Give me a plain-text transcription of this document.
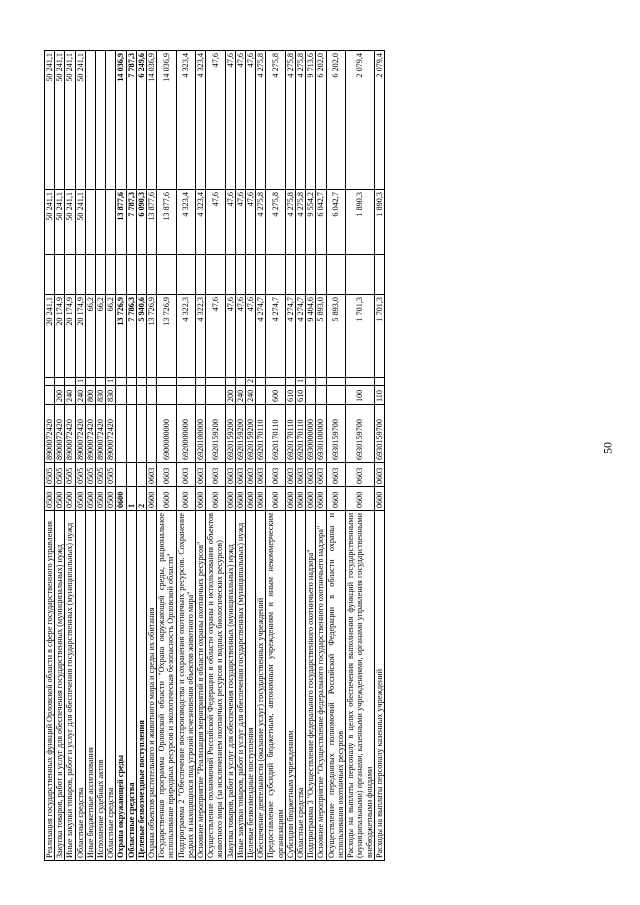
50
Реализация государственных функций Орловской области в сфере государственного управления	0500	0505	8900072420			20 241,1		50 241,1	50 241,1
Закупка товаров, работ и услуг для обеспечения государственных (муниципальных) нужд	0500	0505	8900072420	200		20 174,9		50 241,1	50 241,1
Иные закупки товаров, работ и услуг для обеспечения государственных (муниципальных) нужд	0500	0505	8900072420	240		20 174,9		50 241,1	50 241,1
Областные средства	0500	0505	8900072420	240	1	20 174,9		50 241,1	50 241,1
Иные бюджетные ассигнования	0500	0505	8900072420	800		66,2			
Исполнение судебных актов	0500	0505	8900072420	830		66,2			
Областные средства	0500	0505	8900072420	830	1	66,2			
Охрана окружающей среды	0600					13 726,9		13 877,6	14 036,9
Областные средства	1					7 786,3		7 787,3	7 787,3
Целевые безвозмездные поступления	2					5 940,6		6 090,3	6 249,6
Охрана объектов растительного и животного мира и среды их обитания	0600	0603				13 726,9		13 877,6	14 036,9
Государственная программа Орловской области "Охрана окружающей среды, рациональное использование природных ресурсов и экологическая безопасность Орловской области"	0600	0603	6900000000			13 726,9		13 877,6	14 036,9
Подпрограмма 2 "Обеспечение воспроизводства и сохранения охотничьих ресурсов. Сохранение редких и находящихся под угрозой исчезновения объектов животного мира"	0600	0603	6920000000			4 322,3		4 323,4	4 323,4
Основное мероприятие "Реализация мероприятий в области охраны охотничьих ресурсов"	0600	0603	6920100000			4 322,3		4 323,4	4 323,4
Осуществление полномочий Российской Федерации в области охраны и использования объектов животного мира (за исключением охотничьих ресурсов и водных биологических ресурсов)	0600	0603	6920159200			47,6		47,6	47,6
Закупка товаров, работ и услуг для обеспечения государственных (муниципальных) нужд	0600	0603	6920159200	200		47,6		47,6	47,6
Иные закупки товаров, работ и услуг для обеспечения государственных (муниципальных) нужд	0600	0603	6920159200	240		47,6		47,6	47,6
Целевые безвозмездные поступления	0600	0603	6920159200	240	2	47,6		47,6	47,6
Обеспечение деятельности (оказание услуг) государственных учреждений	0600	0603	6920170110			4 274,7		4 275,8	4 275,8
Предоставление субсидий бюджетным, автономным учреждениям и иным некоммерческим организациям	0600	0603	6920170110	600		4 274,7		4 275,8	4 275,8
Субсидии бюджетным учреждениям	0600	0603	6920170110	610		4 274,7		4 275,8	4 275,8
Областные средства	0600	0603	6920170110	610	1	4 274,7		4 275,8	4 275,8
Подпрограмма 3 "Осуществление федерального государственного охотничьего надзора"	0600	0603	6930000000			9 404,6		9 554,2	9 713,6
Основное мероприятие "Осуществление федерального государственного охотничьего надзора"	0600	0603	6930100000			5 893,0		6 042,7	6 202,0
Осуществление переданных полномочий Российской Федерации в области охраны и использования охотничьих ресурсов	0600	0603	6930159700			5 893,0		6 042,7	6 202,0
Расходы на выплаты персоналу в целях обеспечения выполнения функций государственными (муниципальными) органами, казенными учреждениями, органами управления государственными внебюджетными фондами	0600	0603	6930159700	100		1 701,3		1 890,3	2 079,4
Расходы на выплаты персоналу казенных учреждений	0600	0603	6930159700	110		1 701,3		1 890,3	2 079,4
